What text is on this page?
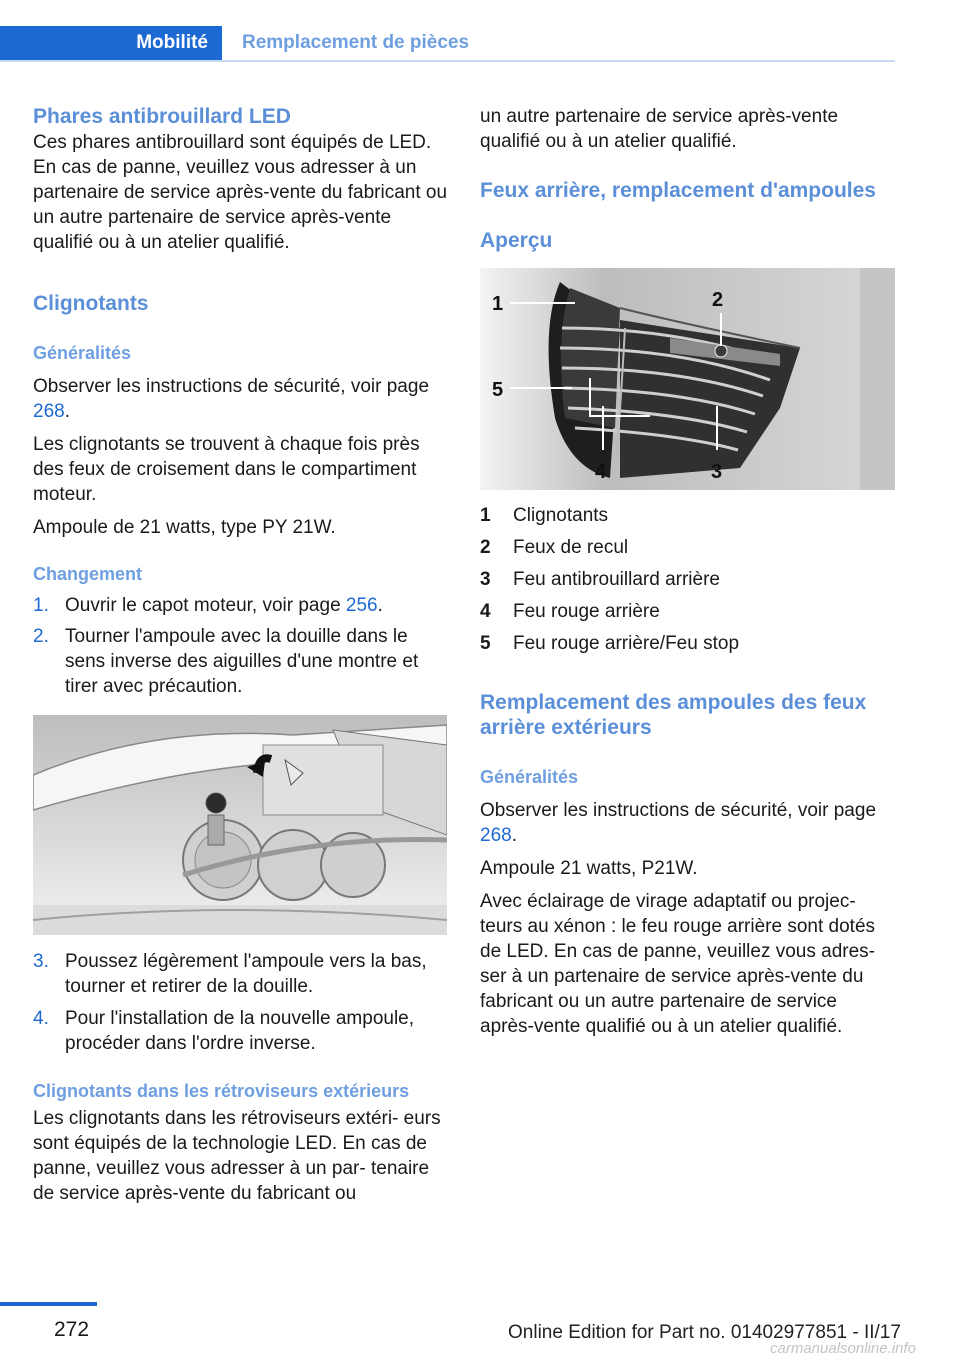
Mobilité	Remplacement de pièces
Phares antibrouillard LED

Ces phares antibrouillard sont équipés de LED. En cas de panne, veuillez vous adresser à un partenaire de service après-vente du fabricant ou un autre partenaire de service après-vente qualifié ou à un atelier qualifié.

Clignotants
Généralités

Observer les instructions de sécurité, voir page 268.

Les clignotants se trouvent à chaque fois près des feux de croisement dans le compartiment moteur.

Ampoule de 21 watts, type PY 21W.

Changement
1. Ouvrir le capot moteur, voir page 256.
2. Tourner l'ampoule avec la douille dans le sens inverse des aiguilles d'une montre et tirer avec précaution.
3. Poussez légèrement l'ampoule vers la bas, tourner et retirer de la douille.
4. Pour l'installation de la nouvelle ampoule, procéder dans l'ordre inverse.
Clignotants dans les rétroviseurs extérieurs

Les clignotants dans les rétroviseurs extéri- eurs sont équipés de la technologie LED. En cas de panne, veuillez vous adresser à un par- tenaire de service après-vente du fabricant ou

un autre partenaire de service après-vente qualifié ou à un atelier qualifié.

Feux arrière, remplacement d'ampoules
Aperçu
1	2
3
4
5
1 Clignotants
2 Feux de recul
3 Feu antibrouillard arrière
4 Feu rouge arrière
5 Feu rouge arrière/Feu stop
Remplacement des ampoules des feux arrière extérieurs
Généralités

Observer les instructions de sécurité, voir page 268.

Ampoule 21 watts, P21W.

Avec éclairage de virage adaptatif ou projec- teurs au xénon : le feu rouge arrière sont dotés de LED. En cas de panne, veuillez vous adres- ser à un partenaire de service après-vente du fabricant ou un autre partenaire de service après-vente qualifié ou à un atelier qualifié.

272	Online Edition for Part no. 01402977851 - II/17
carmanualsonline.info
